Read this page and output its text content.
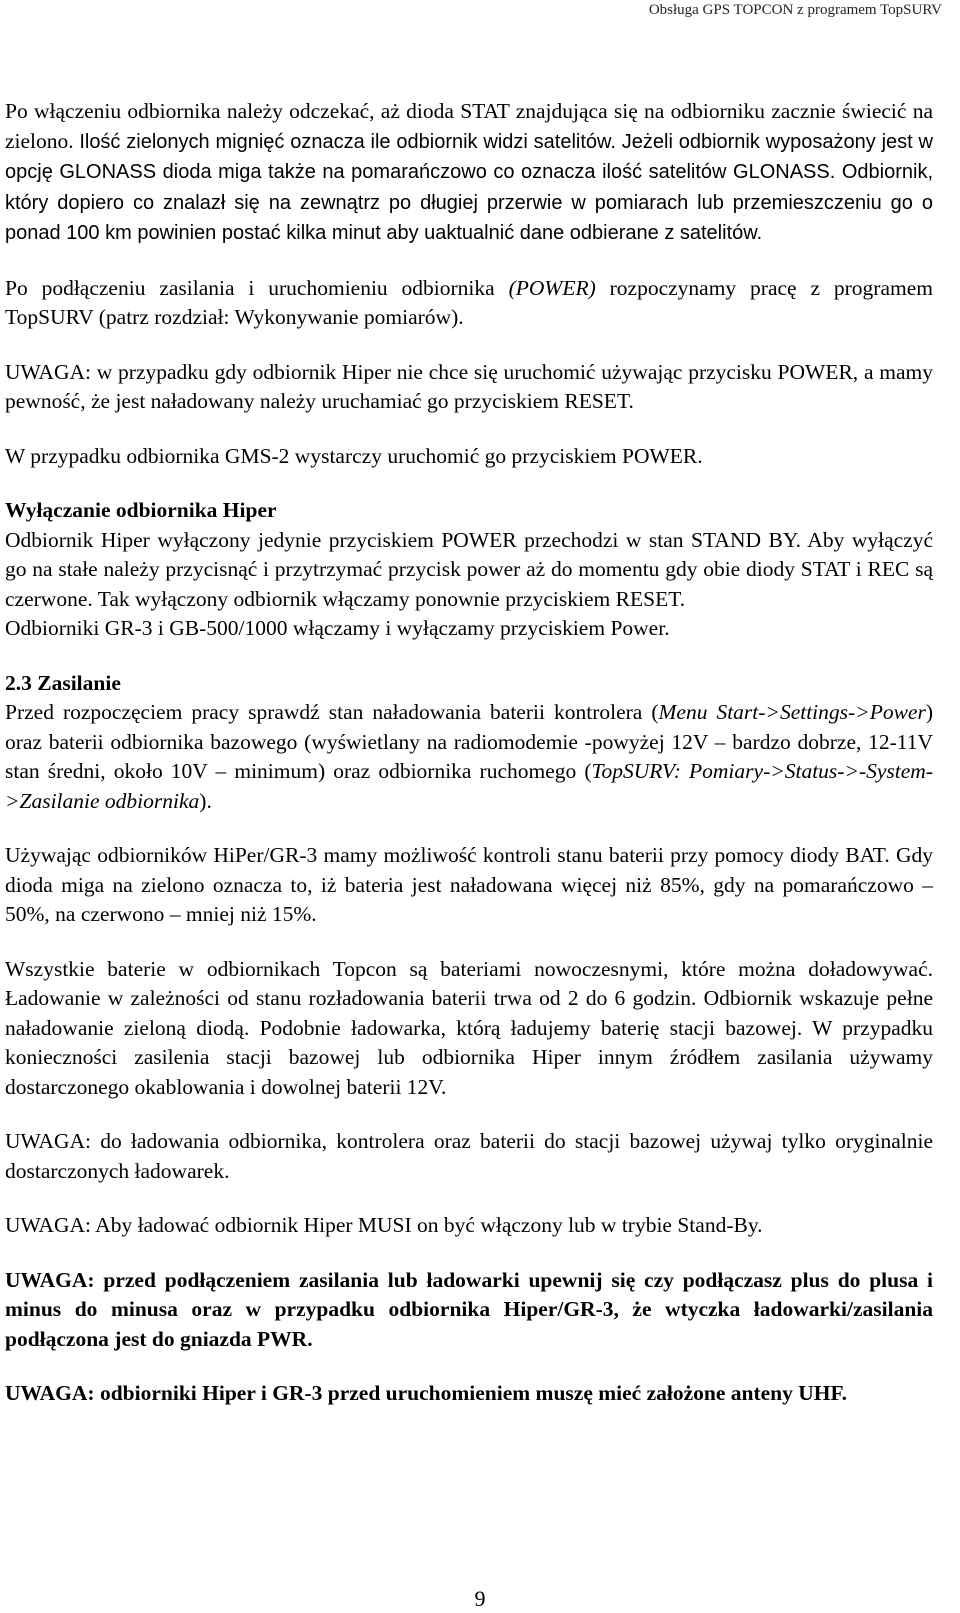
Obsługa GPS TOPCON z programem TopSURV

Po włączeniu odbiornika należy odczekać, aż dioda STAT znajdująca się na odbiorniku zacznie świecić na zielono. Ilość zielonych mignięć oznacza ile odbiornik widzi satelitów. Jeżeli odbiornik wyposażony jest w opcję GLONASS dioda miga także na pomarańczowo co oznacza ilość satelitów GLONASS. Odbiornik, który dopiero co znalazł się na zewnątrz po długiej przerwie w pomiarach lub przemieszczeniu go o ponad 100 km powinien postać kilka minut aby uaktualnić dane odbierane z satelitów.

Po podłączeniu zasilania i uruchomieniu odbiornika (POWER) rozpoczynamy pracę z programem TopSURV (patrz rozdział: Wykonywanie pomiarów).

UWAGA: w przypadku gdy odbiornik Hiper nie chce się uruchomić używając przycisku POWER, a mamy pewność, że jest naładowany należy uruchamiać go przyciskiem RESET.

W przypadku odbiornika GMS-2 wystarczy uruchomić go przyciskiem POWER.

Wyłączanie odbiornika Hiper

Odbiornik Hiper wyłączony jedynie przyciskiem POWER przechodzi w stan STAND BY. Aby wyłączyć go na stałe należy przycisnąć i przytrzymać przycisk power aż do momentu gdy obie diody STAT i REC są czerwone. Tak wyłączony odbiornik włączamy ponownie przyciskiem RESET.

Odbiorniki GR-3 i GB-500/1000 włączamy i wyłączamy przyciskiem Power.

2.3 Zasilanie

Przed rozpoczęciem pracy sprawdź stan naładowania baterii kontrolera (Menu Start->Settings->Power) oraz baterii odbiornika bazowego (wyświetlany na radiomodemie -powyżej 12V – bardzo dobrze, 12-11V stan średni, około 10V – minimum) oraz odbiornika ruchomego (TopSURV: Pomiary->Status->-System->Zasilanie odbiornika).

Używając odbiorników HiPer/GR-3 mamy możliwość kontroli stanu baterii przy pomocy diody BAT. Gdy dioda miga na zielono oznacza to, iż bateria jest naładowana więcej niż 85%, gdy na pomarańczowo – 50%, na czerwono – mniej niż 15%.

Wszystkie baterie w odbiornikach Topcon są bateriami nowoczesnymi, które można doładowywać. Ładowanie w zależności od stanu rozładowania baterii trwa od 2 do 6 godzin. Odbiornik wskazuje pełne naładowanie zieloną diodą. Podobnie ładowarka, którą ładujemy baterię stacji bazowej. W przypadku konieczności zasilenia stacji bazowej lub odbiornika Hiper innym źródłem zasilania używamy dostarczonego okablowania i dowolnej baterii 12V.

UWAGA: do ładowania odbiornika, kontrolera oraz baterii do stacji bazowej używaj tylko oryginalnie dostarczonych ładowarek.

UWAGA: Aby ładować odbiornik Hiper MUSI on być włączony lub w trybie Stand-By.

UWAGA: przed podłączeniem zasilania lub ładowarki upewnij się czy podłączasz plus do plusa i minus do minusa oraz w przypadku odbiornika Hiper/GR-3, że wtyczka ładowarki/zasilania podłączona jest do gniazda PWR.

UWAGA: odbiorniki Hiper i GR-3 przed uruchomieniem muszę mieć założone anteny UHF.

9
